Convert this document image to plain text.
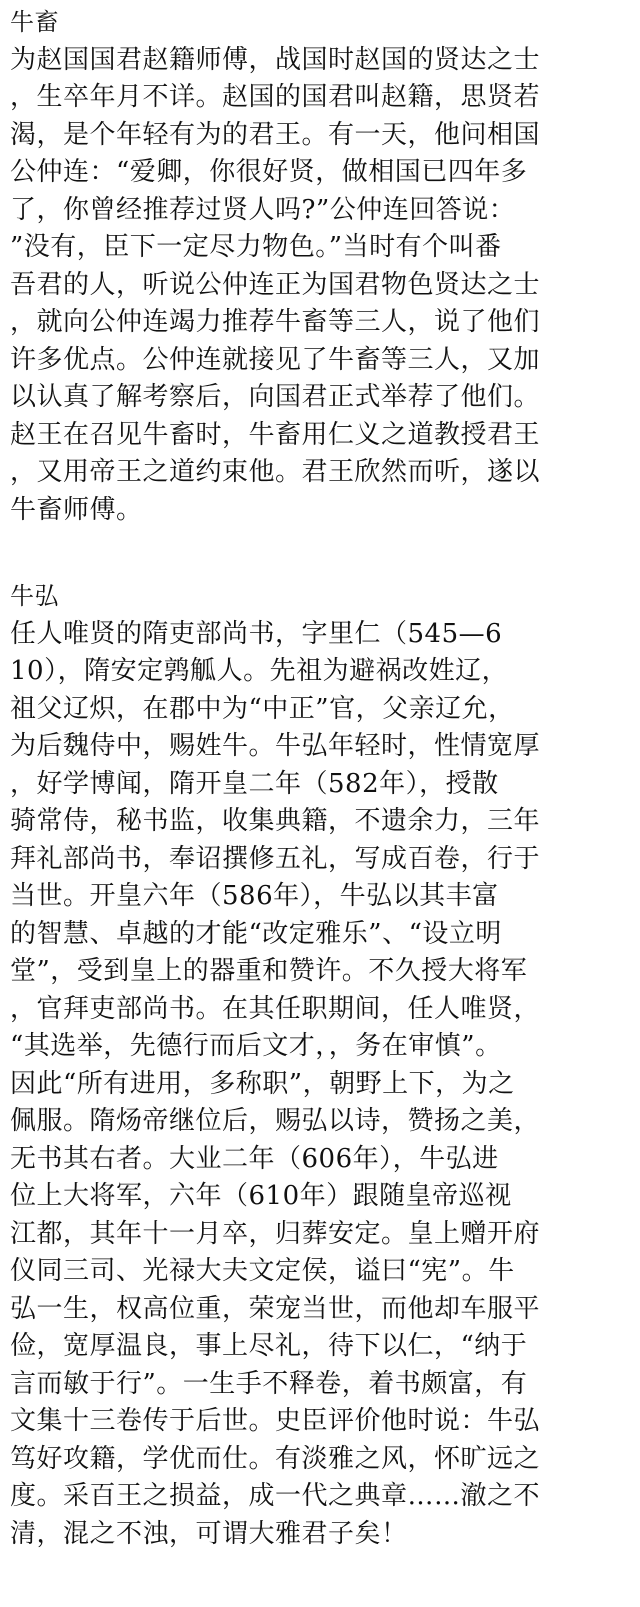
牛畜
为赵国国君赵籍师傅，战国时赵国的贤达之士
，生卒年月不详。赵国的国君叫赵籍，思贤若
渴，是个年轻有为的君王。有一天，他问相国
公仲连：“爱卿，你很好贤，做相国已四年多
了，你曾经推荐过贤人吗?”公仲连回答说：
”没有，臣下一定尽力物色。”当时有个叫番
吾君的人，听说公仲连正为国君物色贤达之士
，就向公仲连竭力推荐牛畜等三人，说了他们
许多优点。公仲连就接见了牛畜等三人，又加
以认真了解考察后，向国君正式举荐了他们。
赵王在召见牛畜时，牛畜用仁义之道教授君王
，又用帝王之道约束他。君王欣然而听，遂以
牛畜师傅。
牛弘
任人唯贤的隋吏部尚书，字里仁（545—6
10），隋安定鹑觚人。先祖为避祸改姓辽，
祖父辽炽，在郡中为“中正”官，父亲辽允，
为后魏侍中，赐姓牛。牛弘年轻时，性情宽厚
，好学博闻，隋开皇二年（582年），授散
骑常侍，秘书监，收集典籍，不遗余力，三年
拜礼部尚书，奉诏撰修五礼，写成百卷，行于
当世。开皇六年（586年），牛弘以其丰富
的智慧、卓越的才能“改定雅乐”、“设立明
堂”，受到皇上的器重和赞许。不久授大将军
，官拜吏部尚书。在其任职期间，任人唯贤，
“其选举，先德行而后文才，，务在审慎”。
因此“所有进用，多称职”，朝野上下，为之
佩服。隋炀帝继位后，赐弘以诗，赞扬之美，
无书其右者。大业二年（606年），牛弘进
位上大将军，六年（610年）跟随皇帝巡视
江都，其年十一月卒，归葬安定。皇上赠开府
仪同三司、光禄大夫文定侯，谥曰“宪”。牛
弘一生，权高位重，荣宠当世，而他却车服平
俭，宽厚温良，事上尽礼，待下以仁，“纳于
言而敏于行”。一生手不释卷，着书颇富，有
文集十三卷传于后世。史臣评价他时说：牛弘
笃好攻籍，学优而仕。有淡雅之风，怀旷远之
度。采百王之损益，成一代之典章……澈之不
清，混之不浊，可谓大雅君子矣！
